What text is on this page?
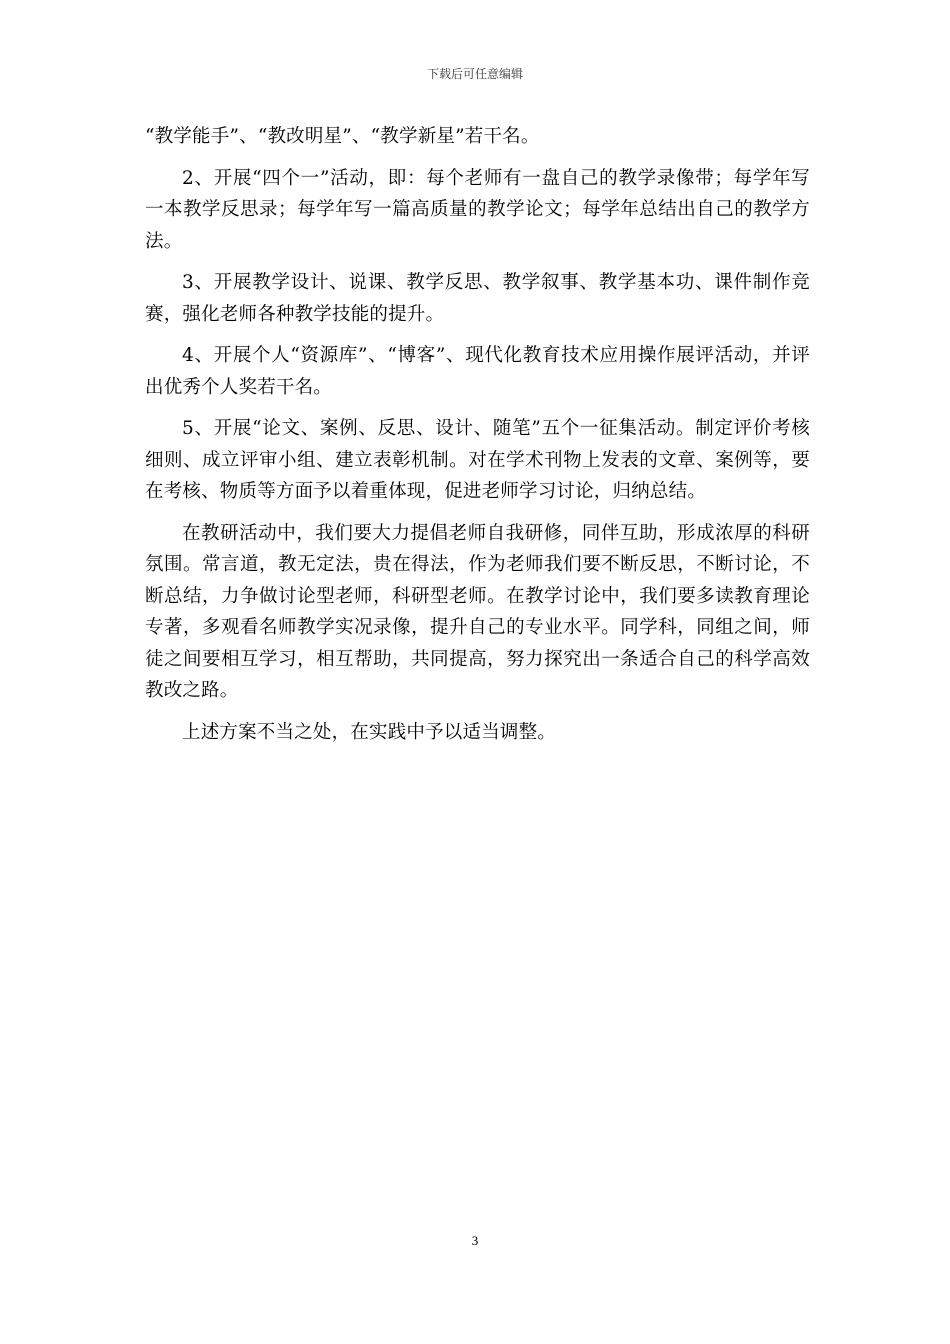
下载后可任意编辑

“教学能手”、“教改明星”、“教学新星”若干名。

2、开展“四个一”活动，即：每个老师有一盘自己的教学录像带；每学年写一本教学反思录；每学年写一篇高质量的教学论文；每学年总结出自己的教学方法。

3、开展教学设计、说课、教学反思、教学叙事、教学基本功、课件制作竞赛，强化老师各种教学技能的提升。

4、开展个人“资源库”、“博客”、现代化教育技术应用操作展评活动，并评出优秀个人奖若干名。

5、开展“论文、案例、反思、设计、随笔”五个一征集活动。制定评价考核细则、成立评审小组、建立表彰机制。对在学术刊物上发表的文章、案例等，要在考核、物质等方面予以着重体现，促进老师学习讨论，归纳总结。

在教研活动中，我们要大力提倡老师自我研修，同伴互助，形成浓厚的科研氛围。常言道，教无定法，贵在得法，作为老师我们要不断反思，不断讨论，不断总结，力争做讨论型老师，科研型老师。在教学讨论中，我们要多读教育理论专著，多观看名师教学实况录像，提升自己的专业水平。同学科，同组之间，师徒之间要相互学习，相互帮助，共同提高，努力探究出一条适合自己的科学高效教改之路。

上述方案不当之处，在实践中予以适当调整。

3
